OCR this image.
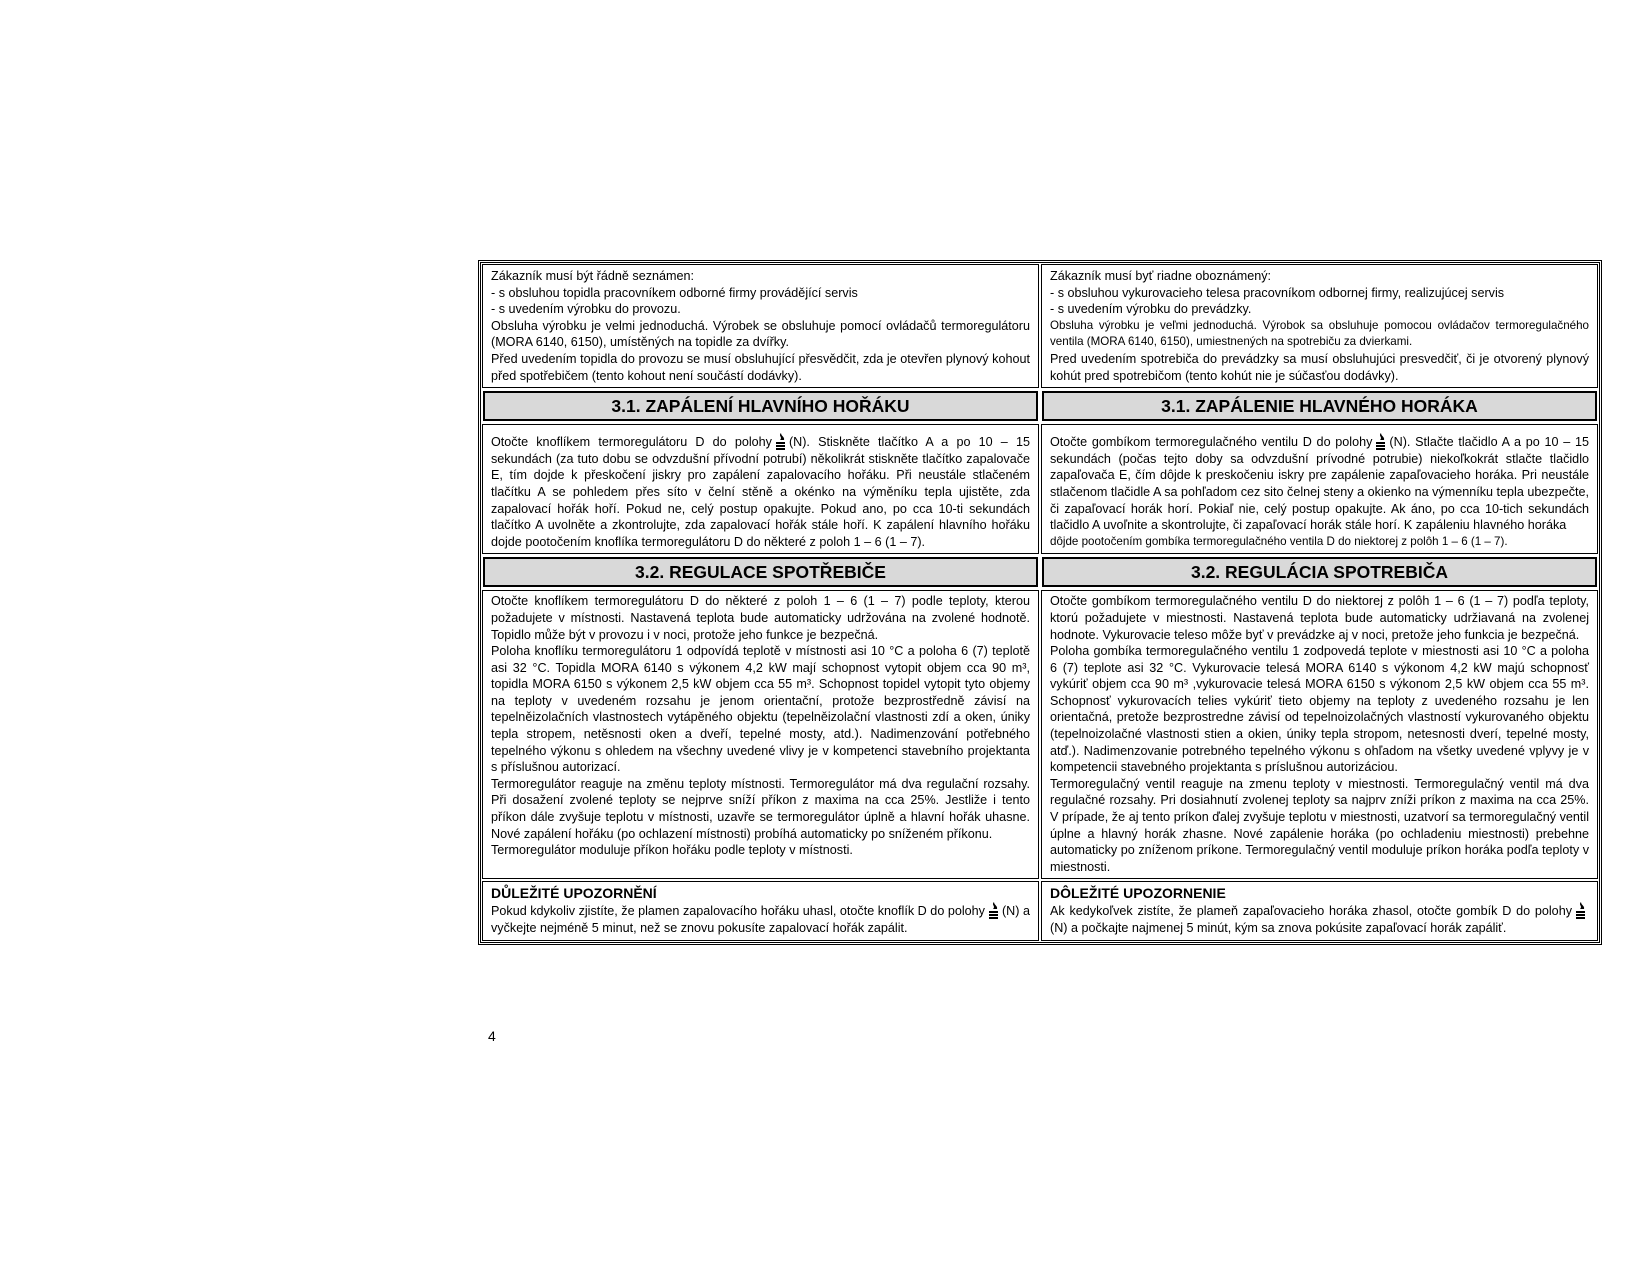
Zákazník musí být řádně seznámen:

- s obsluhou topidla pracovníkem odborné firmy provádějící servis

- s uvedením výrobku do provozu.

Obsluha výrobku je velmi jednoduchá. Výrobek se obsluhuje pomocí ovládačů termoregulátoru (MORA 6140, 6150), umístěných na topidle za dvířky.

Před uvedením topidla do provozu se musí obsluhující přesvědčit, zda je otevřen plynový kohout před spotřebičem (tento kohout není součástí dodávky).

Zákazník musí byť riadne oboznámený:

- s obsluhou vykurovacieho telesa pracovníkom odbornej firmy, realizujúcej servis

- s uvedením výrobku do prevádzky.

Obsluha výrobku je veľmi jednoduchá. Výrobok sa obsluhuje pomocou ovládačov termoregulačného ventila (MORA 6140, 6150), umiestnených na spotrebiču za dvierkami.

Pred uvedením spotrebiča do prevádzky sa musí obsluhujúci presvedčiť, či je otvorený plynový kohút pred spotrebičom (tento kohút nie je súčasťou dodávky).

3.1. ZAPÁLENÍ HLAVNÍHO HOŘÁKU	3.1. ZAPÁLENIE HLAVNÉHO HORÁKA

Otočte knoflíkem termoregulátoru D do polohy (N). Stiskněte tlačítko A a po 10 – 15 sekundách (za tuto dobu se odvzdušní přívodní potrubí) několikrát stiskněte tlačítko zapalovače E, tím dojde k přeskočení jiskry pro zapálení zapalovacího hořáku. Při neustále stlačeném tlačítku A se pohledem přes síto v čelní stěně a okénko na výměníku tepla ujistěte, zda zapalovací hořák hoří. Pokud ne, celý postup opakujte. Pokud ano, po cca 10-ti sekundách tlačítko A uvolněte a zkontrolujte, zda zapalovací hořák stále hoří. K zapálení hlavního hořáku dojde pootočením knoflíka termoregulátoru D do některé z poloh 1 – 6 (1 – 7).

Otočte gombíkom termoregulačného ventilu D do polohy (N). Stlačte tlačidlo A a po 10 – 15 sekundách (počas tejto doby sa odvzdušní prívodné potrubie) niekoľkokrát stlačte tlačidlo zapaľovača E, čím dôjde k preskočeniu iskry pre zapálenie zapaľovacieho horáka. Pri neustále stlačenom tlačidle A sa pohľadom cez sito čelnej steny a okienko na výmenníku tepla ubezpečte, či zapaľovací horák horí. Pokiaľ nie, celý postup opakujte. Ak áno, po cca 10-tich sekundách tlačidlo A uvoľnite a skontrolujte, či zapaľovací horák stále horí. K zapáleniu hlavného horáka

dôjde pootočením gombíka termoregulačného ventila D do niektorej z polôh 1 – 6 (1 – 7).

3.2. REGULACE SPOTŘEBIČE	3.2. REGULÁCIA SPOTREBIČA

Otočte knoflíkem termoregulátoru D do některé z poloh 1 – 6 (1 – 7) podle teploty, kterou požadujete v místnosti. Nastavená teplota bude automaticky udržována na zvolené hodnotě. Topidlo může být v provozu i v noci, protože jeho funkce je bezpečná.

Poloha knoflíku termoregulátoru 1 odpovídá teplotě v místnosti asi 10 °C a poloha 6 (7) teplotě asi 32 °C. Topidla MORA 6140 s výkonem 4,2 kW mají schopnost vytopit objem cca 90 m³, topidla MORA 6150 s výkonem 2,5 kW objem cca 55 m³. Schopnost topidel vytopit tyto objemy na teploty v uvedeném rozsahu je jenom orientační, protože bezprostředně závisí na tepelněizolačních vlastnostech vytápěného objektu (tepelněizolační vlastnosti zdí a oken, úniky tepla stropem, netěsnosti oken a dveří, tepelné mosty, atd.). Nadimenzování potřebného tepelného výkonu s ohledem na všechny uvedené vlivy je v kompetenci stavebního projektanta s příslušnou autorizací.

Termoregulátor reaguje na změnu teploty místnosti. Termoregulátor má dva regulační rozsahy. Při dosažení zvolené teploty se nejprve sníží příkon z maxima na cca 25%. Jestliže i tento příkon dále zvyšuje teplotu v místnosti, uzavře se termoregulátor úplně a hlavní hořák uhasne. Nové zapálení hořáku (po ochlazení místnosti) probíhá automaticky po sníženém příkonu.

Termoregulátor moduluje příkon hořáku podle teploty v místnosti.

Otočte gombíkom termoregulačného ventilu D do niektorej z polôh 1 – 6 (1 – 7) podľa teploty, ktorú požadujete v miestnosti. Nastavená teplota bude automaticky udržiavaná na zvolenej hodnote. Vykurovacie teleso môže byť v prevádzke aj v noci, pretože jeho funkcia je bezpečná.

Poloha gombíka termoregulačného ventilu 1 zodpovedá teplote v miestnosti asi 10 °C a poloha 6 (7) teplote asi 32 °C. Vykurovacie telesá MORA 6140 s výkonom 4,2 kW majú schopnosť vykúriť objem cca 90 m³ ,vykurovacie telesá MORA 6150 s výkonom 2,5 kW objem cca 55 m³. Schopnosť vykurovacích telies vykúriť tieto objemy na teploty z uvedeného rozsahu je len orientačná, pretože bezprostredne závisí od tepelnoizolačných vlastností vykurovaného objektu (tepelnoizolačné vlastnosti stien a okien, úniky tepla stropom, netesnosti dverí, tepelné mosty, atď.). Nadimenzovanie potrebného tepelného výkonu s ohľadom na všetky uvedené vplyvy je v kompetencii stavebného projektanta s príslušnou autorizáciou.

Termoregulačný ventil reaguje na zmenu teploty v miestnosti. Termoregulačný ventil má dva regulačné rozsahy. Pri dosiahnutí zvolenej teploty sa najprv zníži príkon z maxima na cca 25%. V prípade, že aj tento príkon ďalej zvyšuje teplotu v miestnosti, uzatvorí sa termoregulačný ventil úplne a hlavný horák zhasne. Nové zapálenie horáka (po ochladeniu miestnosti) prebehne automaticky po zníženom príkone. Termoregulačný ventil moduluje príkon horáka podľa teploty v miestnosti.

DŮLEŽITÉ UPOZORNĚNÍ

Pokud kdykoliv zjistíte, že plamen zapalovacího hořáku uhasl, otočte knoflík D do polohy (N) a vyčkejte nejméně 5 minut, než se znovu pokusíte zapalovací hořák zapálit.

DÔLEŽITÉ UPOZORNENIE

Ak kedykoľvek zistíte, že plameň zapaľovacieho horáka zhasol, otočte gombík D do polohy(N) a počkajte najmenej 5 minút, kým sa znova pokúsite zapaľovací horák zapáliť.

4
